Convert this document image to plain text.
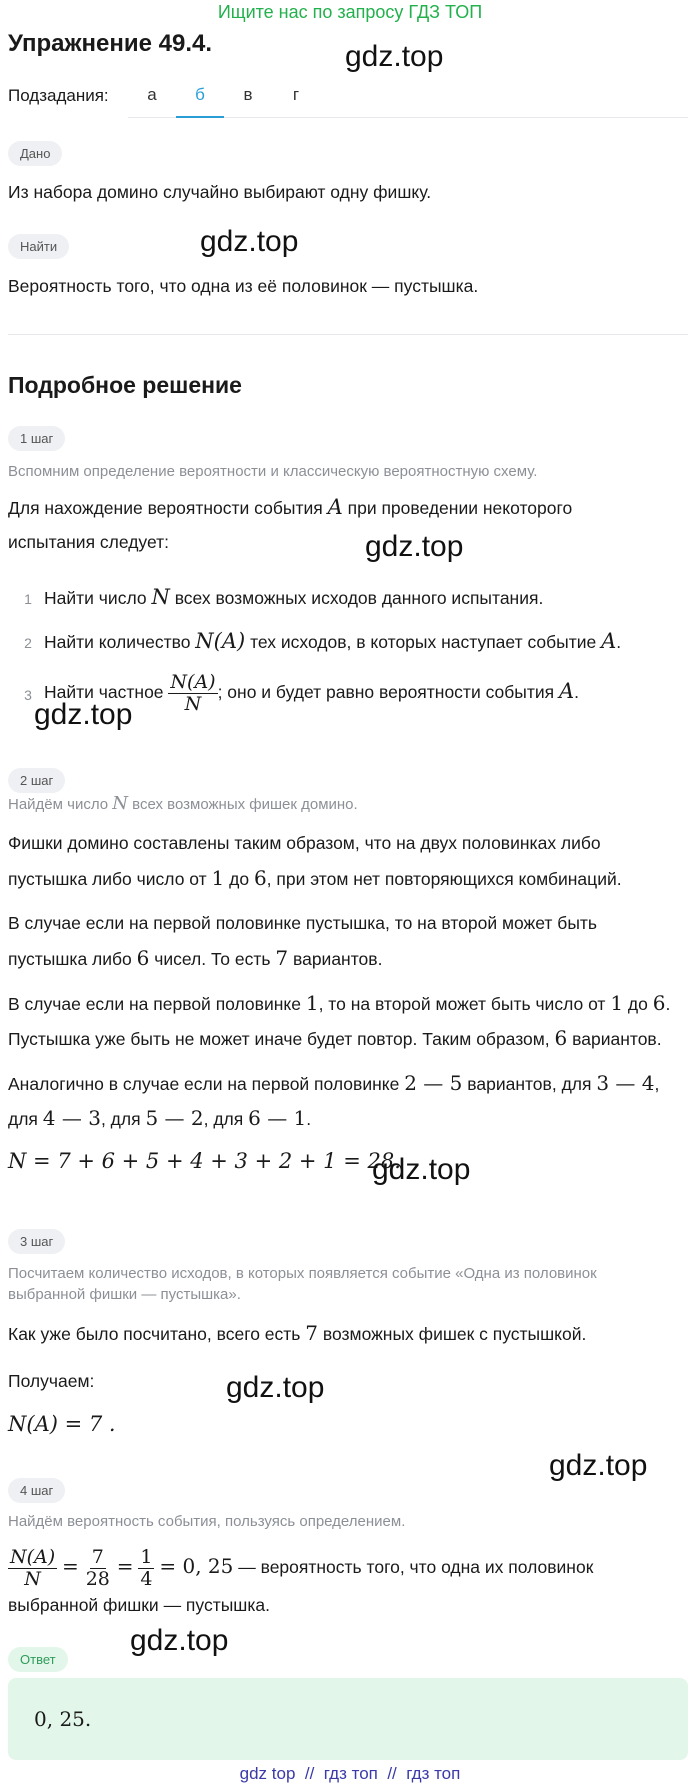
Ищите нас по запросу ГДЗ ТОП
Упражнение 49.4.	gdz.top
Подзадания:	а	б	в	г
Дано
Из набора домино случайно выбирают одну фишку.
Найти	gdz.top
Вероятность того, что одна из её половинок — пустышка.
Подробное решение
1 шаг
Вспомним определение вероятности и классическую вероятностную схему.
Для нахождение вероятности события A при проведении некоторого
испытания следует:	gdz.top
1 Найти число N всех возможных исходов данного испытания.
2 Найти количество N(A) тех исходов, в которых наступает событие A.
3 Найти частное $\frac{N(A)}{N}$ ; оно и будет равно вероятности события A.
gdz.top
2 шаг
Найдём число N всех возможных фишек домино.
Фишки домино составлены таким образом, что на двух половинках либо
пустышка либо число от 1 до 6, при этом нет повторяющихся комбинаций.
В случае если на первой половинке пустышка, то на второй может быть
пустышка либо 6 чисел. То есть 7 вариантов.
В случае если на первой половинке 1, то на второй может быть число от 1 до 6.
Пустышка уже быть не может иначе будет повтор. Таким образом, 6 вариантов.
Аналогично в случае если на первой половинке 2 — 5 вариантов, для 3 — 4,
для 4 — 3, для 5 — 2, для 6 — 1.
N = 7 + 6 + 5 + 4 + 3 + 2 + 1 = 28.
gdz.top
3 шаг
Посчитаем количество исходов, в которых появляется событие «Одна из половинок
выбранной фишки — пустышка».
Как уже было посчитано, всего есть 7 возможных фишек с пустышкой.
Получаем:	gdz.top
N(A) = 7 .
gdz.top
4 шаг
Найдём вероятность события, пользуясь определением.
$\frac{N(A)}{N} = \frac{7}{28} = \frac{1}{4} = 0$, 25 — вероятность того, что одна их половинок
выбранной фишки — пустышка.
Ответ
gdz.top
0, 25.
gdz top  //  гдз топ  //  гдз топ
